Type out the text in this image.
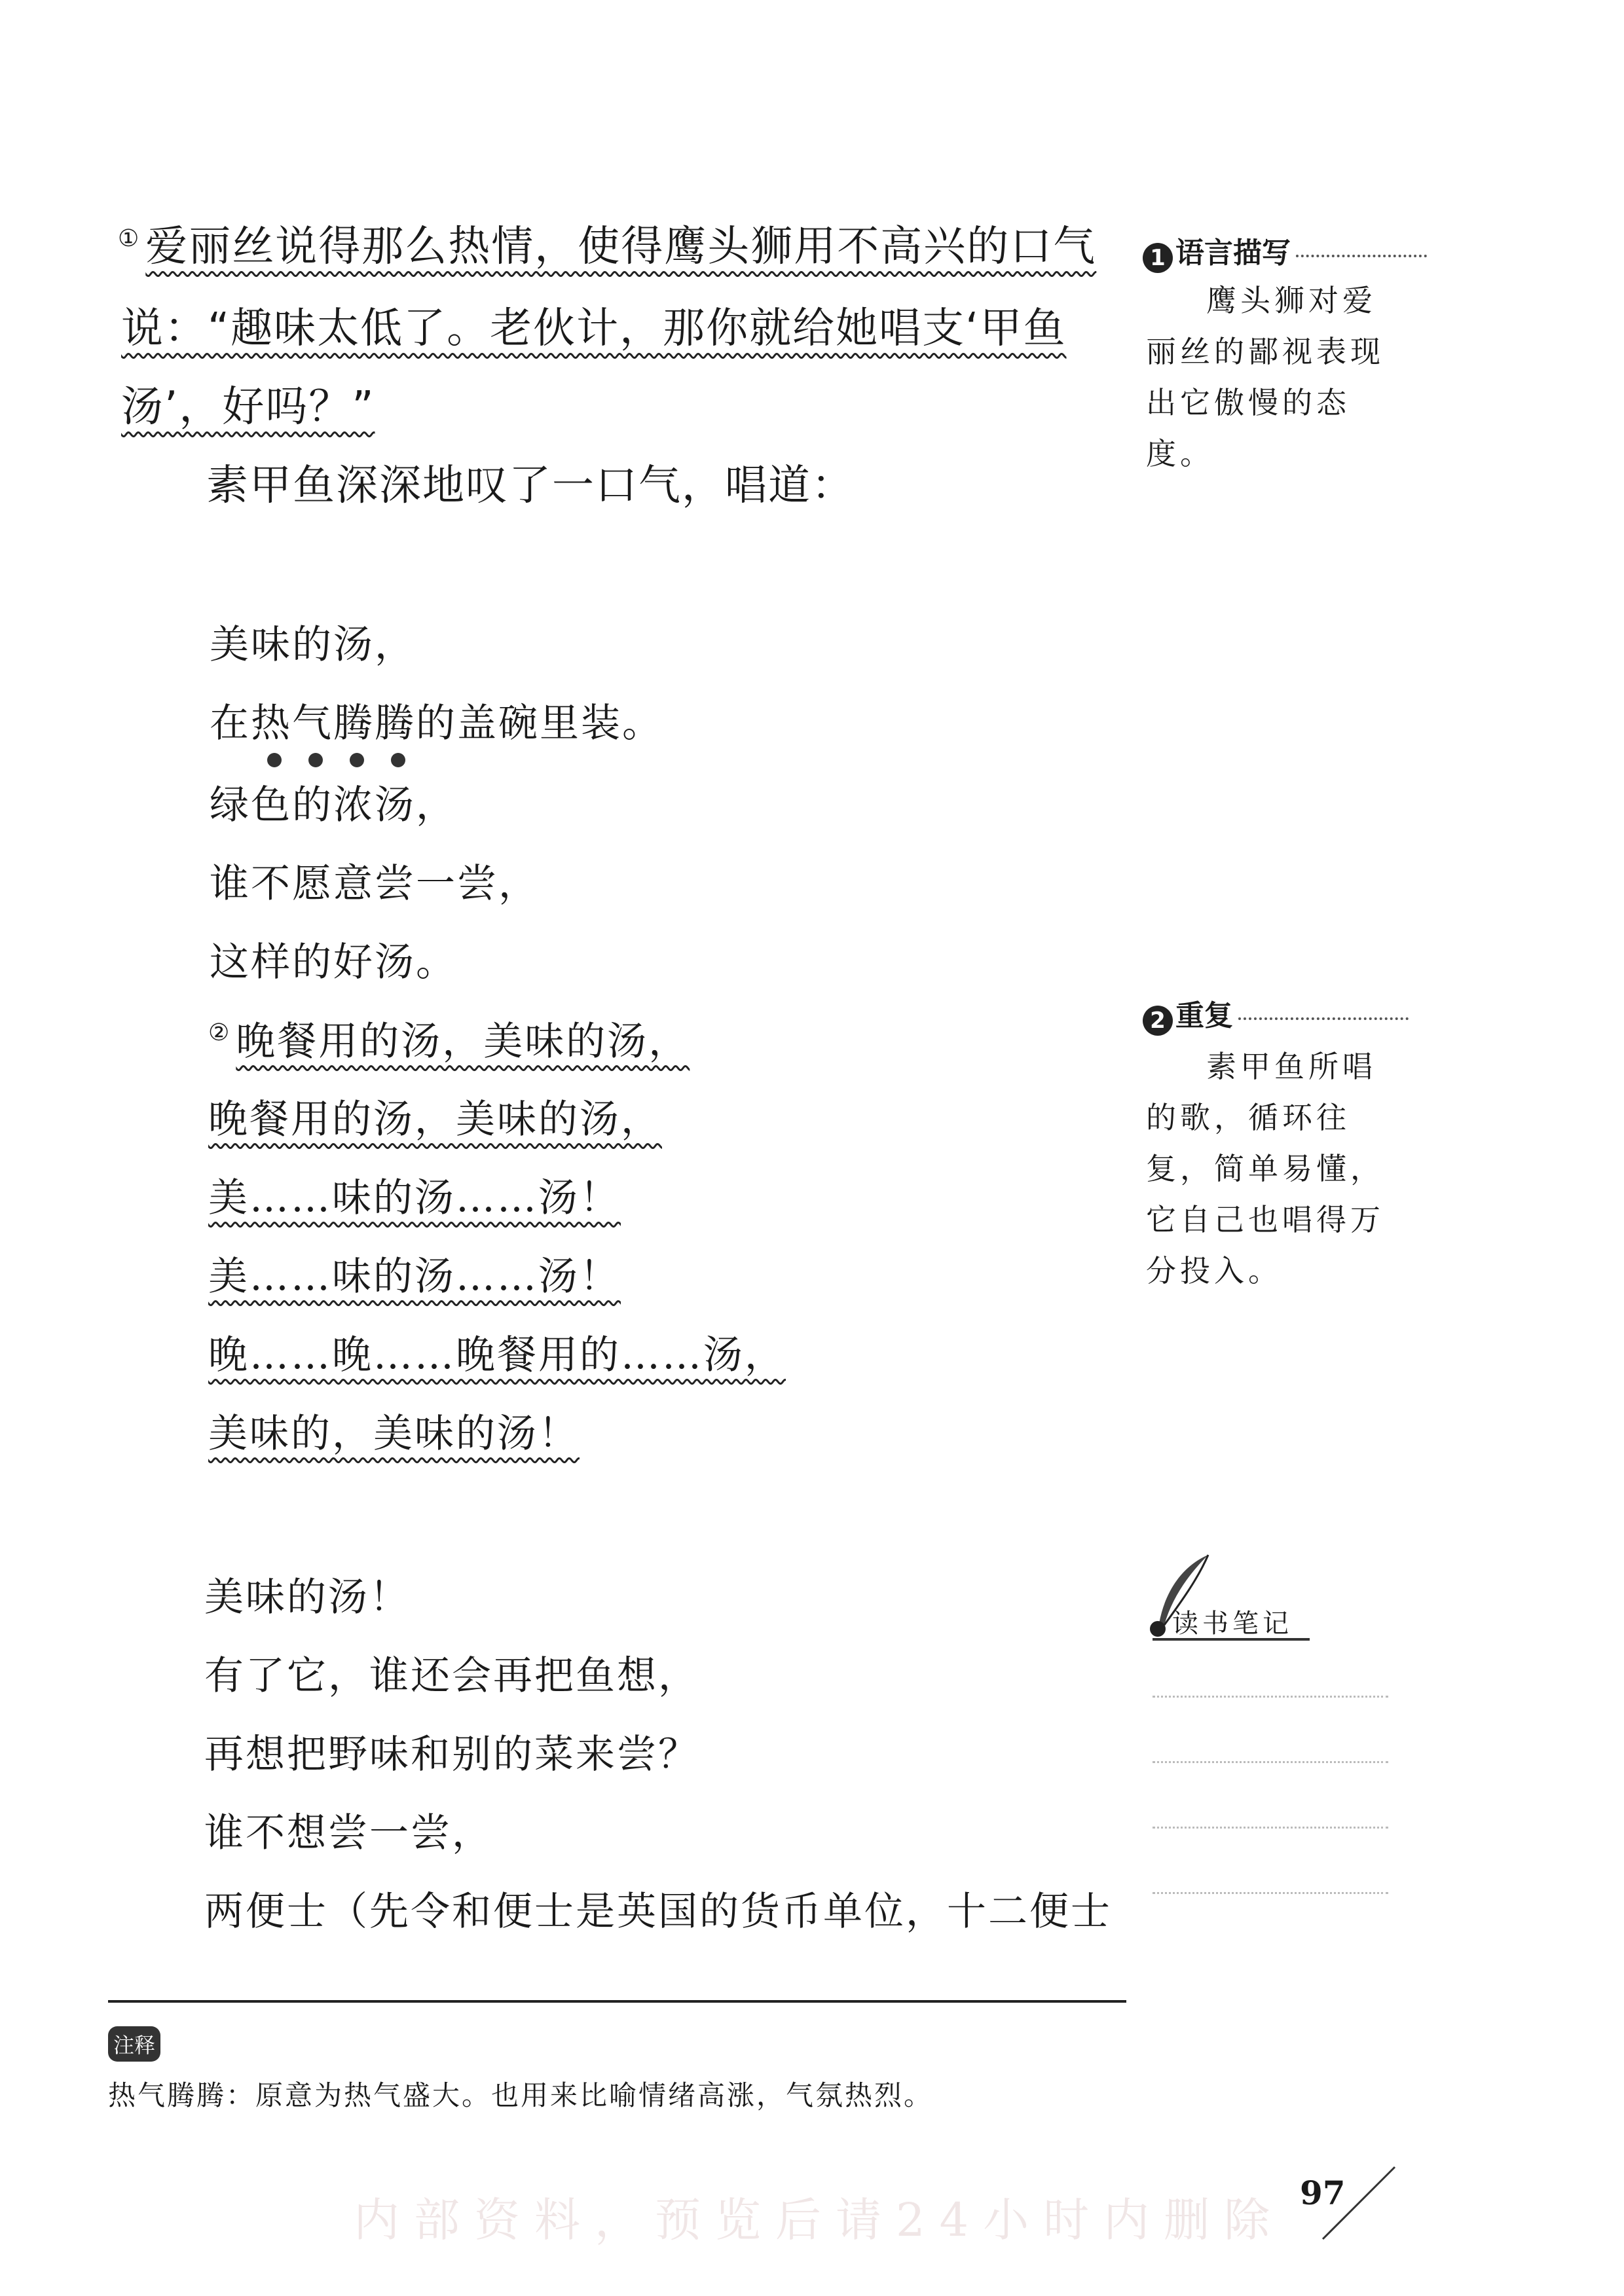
① 爱丽丝说得那么热情，使得鹰头狮用不高兴的口气
说：“趣味太低了。老伙计，那你就给她唱支‘甲鱼
汤’，好吗？”
素甲鱼深深地叹了一口气，唱道：
美味的汤，
在热气腾腾的盖碗里装。
绿色的浓汤，
谁不愿意尝一尝，
这样的好汤。
② 晚餐用的汤，美味的汤，
晚餐用的汤，美味的汤，
美……味的汤……汤！
美……味的汤……汤！
晚……晚……晚餐用的……汤，
美味的，美味的汤！
美味的汤！
有了它，谁还会再把鱼想，
再想把野味和别的菜来尝？
谁不想尝一尝，
两便士（先令和便士是英国的货币单位，十二便士
1 语言描写

鹰头狮对爱丽丝的鄙视表现出它傲慢的态度。

2 重复

素甲鱼所唱的歌，循环往复，简单易懂，它自己也唱得万分投入。

读书笔记
注释
热气腾腾：原意为热气盛大。也用来比喻情绪高涨，气氛热烈。
内部资料，预览后请24小时内删除
97
